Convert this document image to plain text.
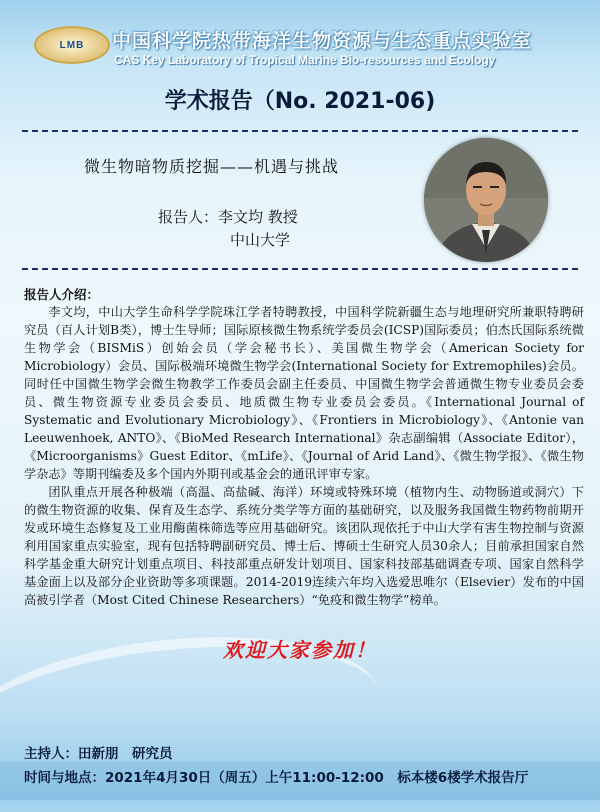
LMB 中国科学院热带海洋生物资源与生态重点实验室
CAS Key Laboratory of Tropical Marine Bio-resources and Ecology
学术报告（No. 2021-06)
微生物暗物质挖掘——机遇与挑战
报告人：李文均 教授
中山大学
报告人介绍：

李文均，中山大学生命科学学院珠江学者特聘教授，中国科学院新疆生态与地理研究所兼职特聘研究员（百人计划B类），博士生导师；国际原核微生物系统学委员会(ICSP)国际委员；伯杰氏国际系统微生物学会（BISMiS）创始会员（学会秘书长）、美国微生物学会（American Society for Microbiology）会员、国际极端环境微生物学会(International Society for Extremophiles)会员。同时任中国微生物学会微生物教学工作委员会副主任委员、中国微生物学会普通微生物专业委员会委员、微生物资源专业委员会委员、地质微生物专业委员会委员。《International Journal of Systematic and Evolutionary Microbiology》、《Frontiers in Microbiology》、《Antonie van Leeuwenhoek, ANTO》、《BioMed Research International》杂志副编辑（Associate Editor），《Microorganisms》Guest Editor、《mLife》、《Journal of Arid Land》、《微生物学报》、《微生物学杂志》等期刊编委及多个国内外期刊或基金会的通讯评审专家。

团队重点开展各种极端（高温、高盐碱、海洋）环境或特殊环境（植物内生、动物肠道或洞穴）下的微生物资源的收集、保育及生态学、系统分类学等方面的基础研究，以及服务我国微生物药物前期开发或环境生态修复及工业用酶菌株筛选等应用基础研究。该团队现依托于中山大学有害生物控制与资源利用国家重点实验室，现有包括特聘副研究员、博士后、博硕士生研究人员30余人；目前承担国家自然科学基金重大研究计划重点项目、科技部重点研发计划项目、国家科技部基础调查专项、国家自然科学基金面上以及部分企业资助等多项课题。2014-2019连续六年均入选爱思唯尔（Elsevier）发布的中国高被引学者（Most Cited Chinese Researchers）“免疫和微生物学”榜单。

欢迎大家参加！
主持人：田新朋　研究员
时间与地点：2021年4月30日（周五）上午11:00-12:00　标本楼6楼学术报告厅
